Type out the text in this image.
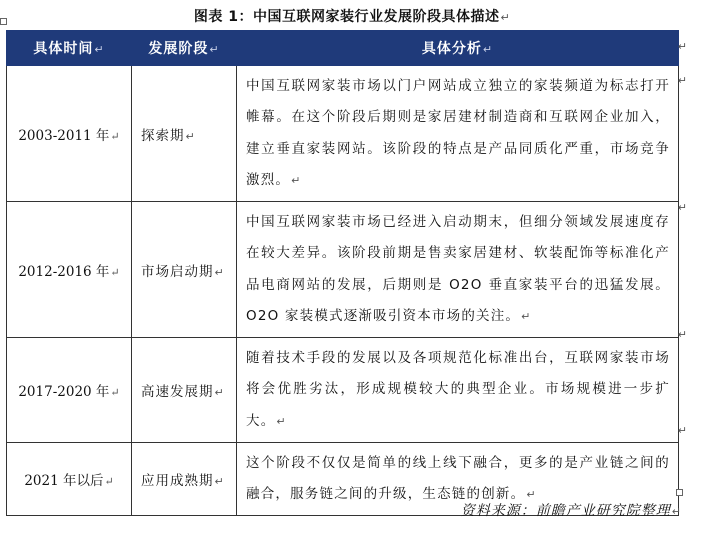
图表 1：中国互联网家装行业发展阶段具体描述↵
具体时间↵	发展阶段↵	具体分析↵
2003-2011 年↵	探索期↵	中国互联网家装市场以门户网站成立独立的家装频道为标志打开帷幕。在这个阶段后期则是家居建材制造商和互联网企业加入，建立垂直家装网站。该阶段的特点是产品同质化严重，市场竞争激烈。↵
2012-2016 年↵	市场启动期↵	中国互联网家装市场已经进入启动期末，但细分领域发展速度存在较大差异。该阶段前期是售卖家居建材、软装配饰等标准化产品电商网站的发展，后期则是 O2O 垂直家装平台的迅猛发展。O2O 家装模式逐渐吸引资本市场的关注。↵
2017-2020 年↵	高速发展期↵	随着技术手段的发展以及各项规范化标准出台，互联网家装市场将会优胜劣汰，形成规模较大的典型企业。市场规模进一步扩大。↵
2021 年以后↵	应用成熟期↵	这个阶段不仅仅是简单的线上线下融合，更多的是产业链之间的融合，服务链之间的升级，生态链的创新。↵
↵
↵
↵
↵
↵
资料来源：前瞻产业研究院整理↵
